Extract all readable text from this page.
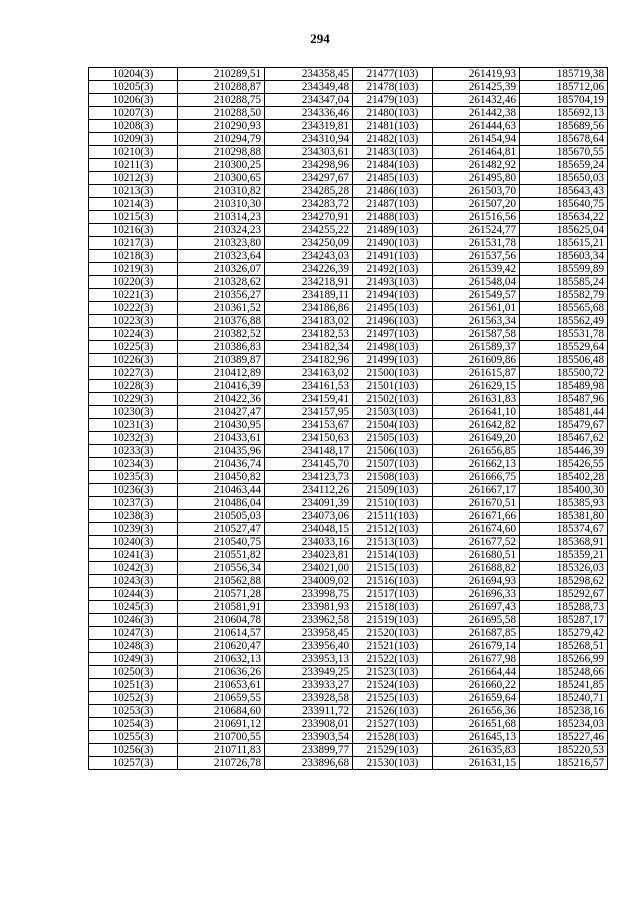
294
10204(3)	210289,51	234358,45	21477(103)	261419,93	185719,38
10205(3)	210288,87	234349,48	21478(103)	261425,39	185712,06
10206(3)	210288,75	234347,04	21479(103)	261432,46	185704,19
10207(3)	210288,50	234336,46	21480(103)	261442,38	185692,13
10208(3)	210290,93	234319,81	21481(103)	261444,63	185689,56
10209(3)	210294,79	234310,94	21482(103)	261454,94	185678,64
10210(3)	210298,88	234303,61	21483(103)	261464,81	185670,55
10211(3)	210300,25	234298,96	21484(103)	261482,92	185659,24
10212(3)	210300,65	234297,67	21485(103)	261495,80	185650,03
10213(3)	210310,82	234285,28	21486(103)	261503,70	185643,43
10214(3)	210310,30	234283,72	21487(103)	261507,20	185640,75
10215(3)	210314,23	234270,91	21488(103)	261516,56	185634,22
10216(3)	210324,23	234255,22	21489(103)	261524,77	185625,04
10217(3)	210323,80	234250,09	21490(103)	261531,78	185615,21
10218(3)	210323,64	234243,03	21491(103)	261537,56	185603,34
10219(3)	210326,07	234226,39	21492(103)	261539,42	185599,89
10220(3)	210328,62	234218,91	21493(103)	261548,04	185585,24
10221(3)	210356,27	234189,11	21494(103)	261549,57	185582,79
10222(3)	210361,52	234186,86	21495(103)	261561,01	185565,68
10223(3)	210376,88	234183,02	21496(103)	261563,34	185562,49
10224(3)	210382,52	234182,53	21497(103)	261587,58	185531,78
10225(3)	210386,83	234182,34	21498(103)	261589,37	185529,64
10226(3)	210389,87	234182,96	21499(103)	261609,86	185506,48
10227(3)	210412,89	234163,02	21500(103)	261615,87	185500,72
10228(3)	210416,39	234161,53	21501(103)	261629,15	185489,98
10229(3)	210422,36	234159,41	21502(103)	261631,83	185487,96
10230(3)	210427,47	234157,95	21503(103)	261641,10	185481,44
10231(3)	210430,95	234153,67	21504(103)	261642,82	185479,67
10232(3)	210433,61	234150,63	21505(103)	261649,20	185467,62
10233(3)	210435,96	234148,17	21506(103)	261656,85	185446,39
10234(3)	210436,74	234145,70	21507(103)	261662,13	185426,55
10235(3)	210450,82	234123,73	21508(103)	261666,75	185402,28
10236(3)	210463,44	234112,26	21509(103)	261667,17	185400,30
10237(3)	210486,04	234091,39	21510(103)	261670,51	185385,93
10238(3)	210505,03	234073,06	21511(103)	261671,66	185381,80
10239(3)	210527,47	234048,15	21512(103)	261674,60	185374,67
10240(3)	210540,75	234033,16	21513(103)	261677,52	185368,91
10241(3)	210551,82	234023,81	21514(103)	261680,51	185359,21
10242(3)	210556,34	234021,00	21515(103)	261688,82	185326,03
10243(3)	210562,88	234009,02	21516(103)	261694,93	185298,62
10244(3)	210571,28	233998,75	21517(103)	261696,33	185292,67
10245(3)	210581,91	233981,93	21518(103)	261697,43	185288,73
10246(3)	210604,78	233962,58	21519(103)	261695,58	185287,17
10247(3)	210614,57	233958,45	21520(103)	261687,85	185279,42
10248(3)	210620,47	233956,40	21521(103)	261679,14	185268,51
10249(3)	210632,13	233953,13	21522(103)	261677,98	185266,99
10250(3)	210636,26	233949,25	21523(103)	261664,44	185248,66
10251(3)	210653,61	233933,27	21524(103)	261660,22	185241,85
10252(3)	210659,55	233928,58	21525(103)	261659,64	185240,71
10253(3)	210684,60	233911,72	21526(103)	261656,36	185238,16
10254(3)	210691,12	233908,01	21527(103)	261651,68	185234,03
10255(3)	210700,55	233903,54	21528(103)	261645,13	185227,46
10256(3)	210711,83	233899,77	21529(103)	261635,83	185220,53
10257(3)	210726,78	233896,68	21530(103)	261631,15	185216,57
